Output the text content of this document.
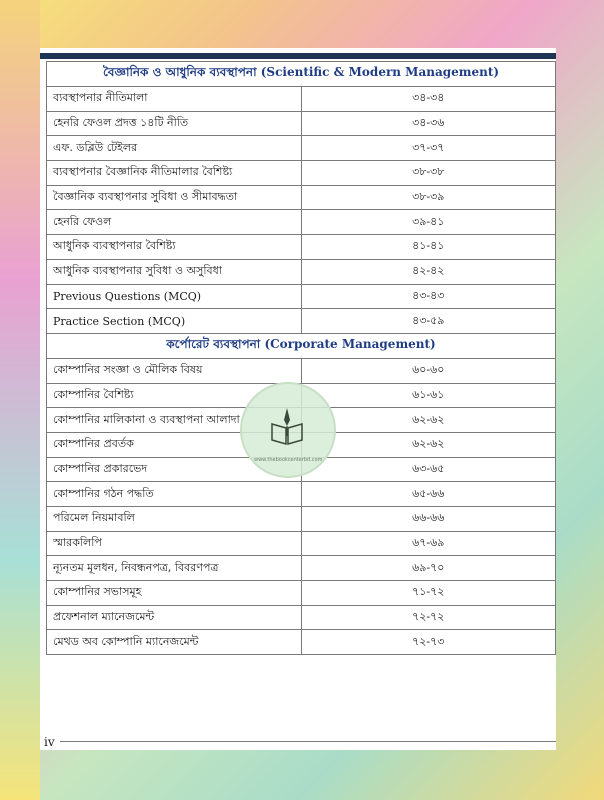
বৈজ্ঞানিক ও আধুনিক ব্যবস্থাপনা (Scientific & Modern Management)	
ব্যবস্থাপনার নীতিমালা	৩৪-৩৪
হেনরি ফেওল প্রদত্ত ১৪টি নীতি	৩৪-৩৬
এফ. ডব্লিউ টেইলর	৩৭-৩৭
ব্যবস্থাপনার বৈজ্ঞানিক নীতিমালার বৈশিষ্ট্য	৩৮-৩৮
বৈজ্ঞানিক ব্যবস্থাপনার সুবিধা ও সীমাবদ্ধতা	৩৮-৩৯
হেনরি ফেওল	৩৯-৪১
আধুনিক ব্যবস্থাপনার বৈশিষ্ট্য	৪১-৪১
আধুনিক ব্যবস্থাপনার সুবিধা ও অসুবিধা	৪২-৪২
Previous Questions (MCQ)	৪৩-৪৩
Practice Section (MCQ)	৪৩-৫৯
কর্পোরেট ব্যবস্থাপনা (Corporate Management)	
কোম্পানির সংজ্ঞা ও মৌলিক বিষয়	৬০-৬০
কোম্পানির বৈশিষ্ট্য	৬১-৬১
কোম্পানির মালিকানা ও ব্যবস্থাপনা আলাদা	৬২-৬২
কোম্পানির প্রবর্তক	৬২-৬২
কোম্পানির প্রকারভেদ	৬৩-৬৫
কোম্পানির গঠন পদ্ধতি	৬৫-৬৬
পরিমেল নিয়মাবলি	৬৬-৬৬
স্মারকলিপি	৬৭-৬৯
ন্যূনতম মূলধন, নিবন্ধনপত্র, বিবরণপত্র	৬৯-৭০
কোম্পানির সভাসমূহ	৭১-৭২
প্রফেশনাল ম্যানেজমেন্ট	৭২-৭২
মেথড অব কোম্পানি ম্যানেজমেন্ট	৭২-৭৩
www.thebookcenterbd.com
iv
